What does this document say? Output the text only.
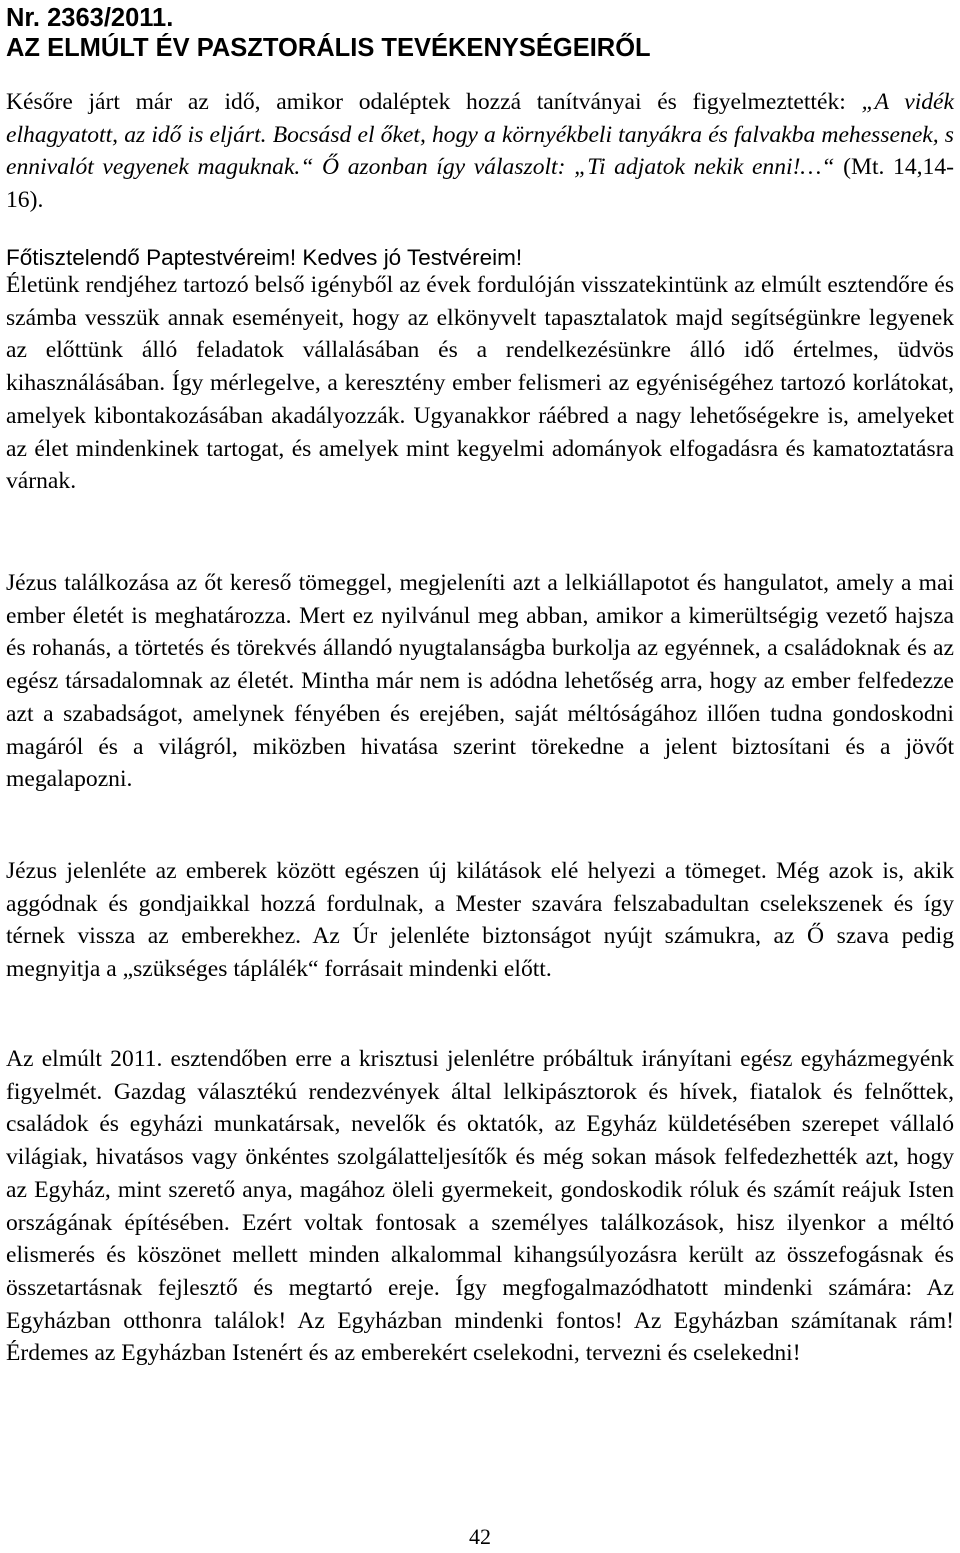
Nr. 2363/2011.
AZ ELMÚLT ÉV PASZTORÁLIS TEVÉKENYSÉGEIRŐL

Későre járt már az idő, amikor odaléptek hozzá tanítványai és figyelmeztették: „A vidék elhagyatott, az idő is eljárt. Bocsásd el őket, hogy a környékbeli tanyákra és falvakba mehessenek, s ennivalót vegyenek maguknak.“ Ő azonban így válaszolt: „Ti adjatok nekik enni!…“ (Mt. 14,14-16).

Főtisztelendő Paptestvéreim! Kedves jó Testvéreim!

Életünk rendjéhez tartozó belső igényből az évek fordulóján visszatekintünk az elmúlt esztendőre és számba vesszük annak eseményeit, hogy az elkönyvelt tapasztalatok majd segítségünkre legyenek az előttünk álló feladatok vállalásában és a rendelkezésünkre álló idő értelmes, üdvös kihasználásában. Így mérlegelve, a keresztény ember felismeri az egyéniségéhez tartozó korlátokat, amelyek kibontakozásában akadályozzák. Ugyanakkor ráébred a nagy lehetőségekre is, amelyeket az élet mindenkinek tartogat, és amelyek mint kegyelmi adományok elfogadásra és kamatoztatásra várnak.

Jézus találkozása az őt kereső tömeggel, megjeleníti azt a lelkiállapotot és hangulatot, amely a mai ember életét is meghatározza. Mert ez nyilvánul meg abban, amikor a kimerültségig vezető hajsza és rohanás, a törtetés és törekvés állandó nyugtalanságba burkolja az egyénnek, a családoknak és az egész társadalomnak az életét. Mintha már nem is adódna lehetőség arra, hogy az ember felfedezze azt a szabadságot, amelynek fényében és erejében, saját méltóságához illően tudna gondoskodni magáról és a világról, miközben hivatása szerint törekedne a jelent biztosítani és a jövőt megalapozni.

Jézus jelenléte az emberek között egészen új kilátások elé helyezi a tömeget. Még azok is, akik aggódnak és gondjaikkal hozzá fordulnak, a Mester szavára felszabadultan cselekszenek és így térnek vissza az emberekhez. Az Úr jelenléte biztonságot nyújt számukra, az Ő szava pedig megnyitja a „szükséges táplálék“ forrásait mindenki előtt.

Az elmúlt 2011. esztendőben erre a krisztusi jelenlétre próbáltuk irányítani egész egyházmegyénk figyelmét. Gazdag választékú rendezvények által lelkipásztorok és hívek, fiatalok és felnőttek, családok és egyházi munkatársak, nevelők és oktatók, az Egyház küldetésében szerepet vállaló világiak, hivatásos vagy önkéntes szolgálatteljesítők és még sokan mások felfedezhették azt, hogy az Egyház, mint szerető anya, magához öleli gyermekeit, gondoskodik róluk és számít reájuk Isten országának építésében. Ezért voltak fontosak a személyes találkozások, hisz ilyenkor a méltó elismerés és köszönet mellett minden alkalommal kihangsúlyozásra került az összefogásnak és összetartásnak fejlesztő és megtartó ereje. Így megfogalmazódhatott mindenki számára: Az Egyházban otthonra találok! Az Egyházban mindenki fontos! Az Egyházban számítanak rám! Érdemes az Egyházban Istenért és az emberekért cselekodni, tervezni és cselekedni!

42
